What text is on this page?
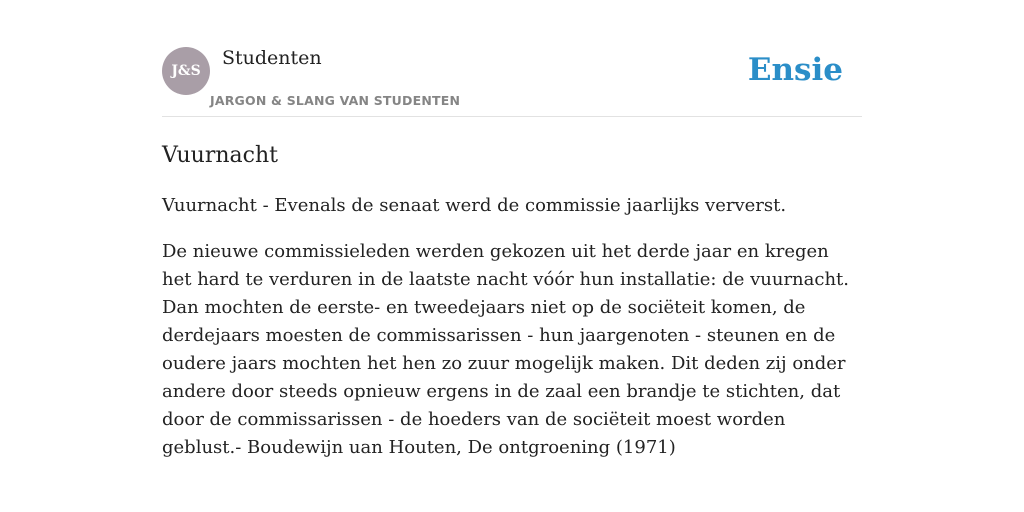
J&S
Studenten
JARGON & SLANG VAN STUDENTEN
Ensie
Vuurnacht

Vuurnacht - Evenals de senaat werd de commissie jaarlijks ververst.

De nieuwe commissieleden werden gekozen uit het derde jaar en kregen het hard te verduren in de laatste nacht vóór hun installatie: de vuurnacht. Dan mochten de eerste- en tweedejaars niet op de sociëteit komen, de derdejaars moesten de commissarissen - hun jaargenoten - steunen en de oudere jaars mochten het hen zo zuur mogelijk maken. Dit deden zij onder andere door steeds opnieuw ergens in de zaal een brandje te stichten, dat door de commissarissen - de hoeders van de sociëteit moest worden geblust.- Boudewijn uan Houten, De ontgroening (1971)
